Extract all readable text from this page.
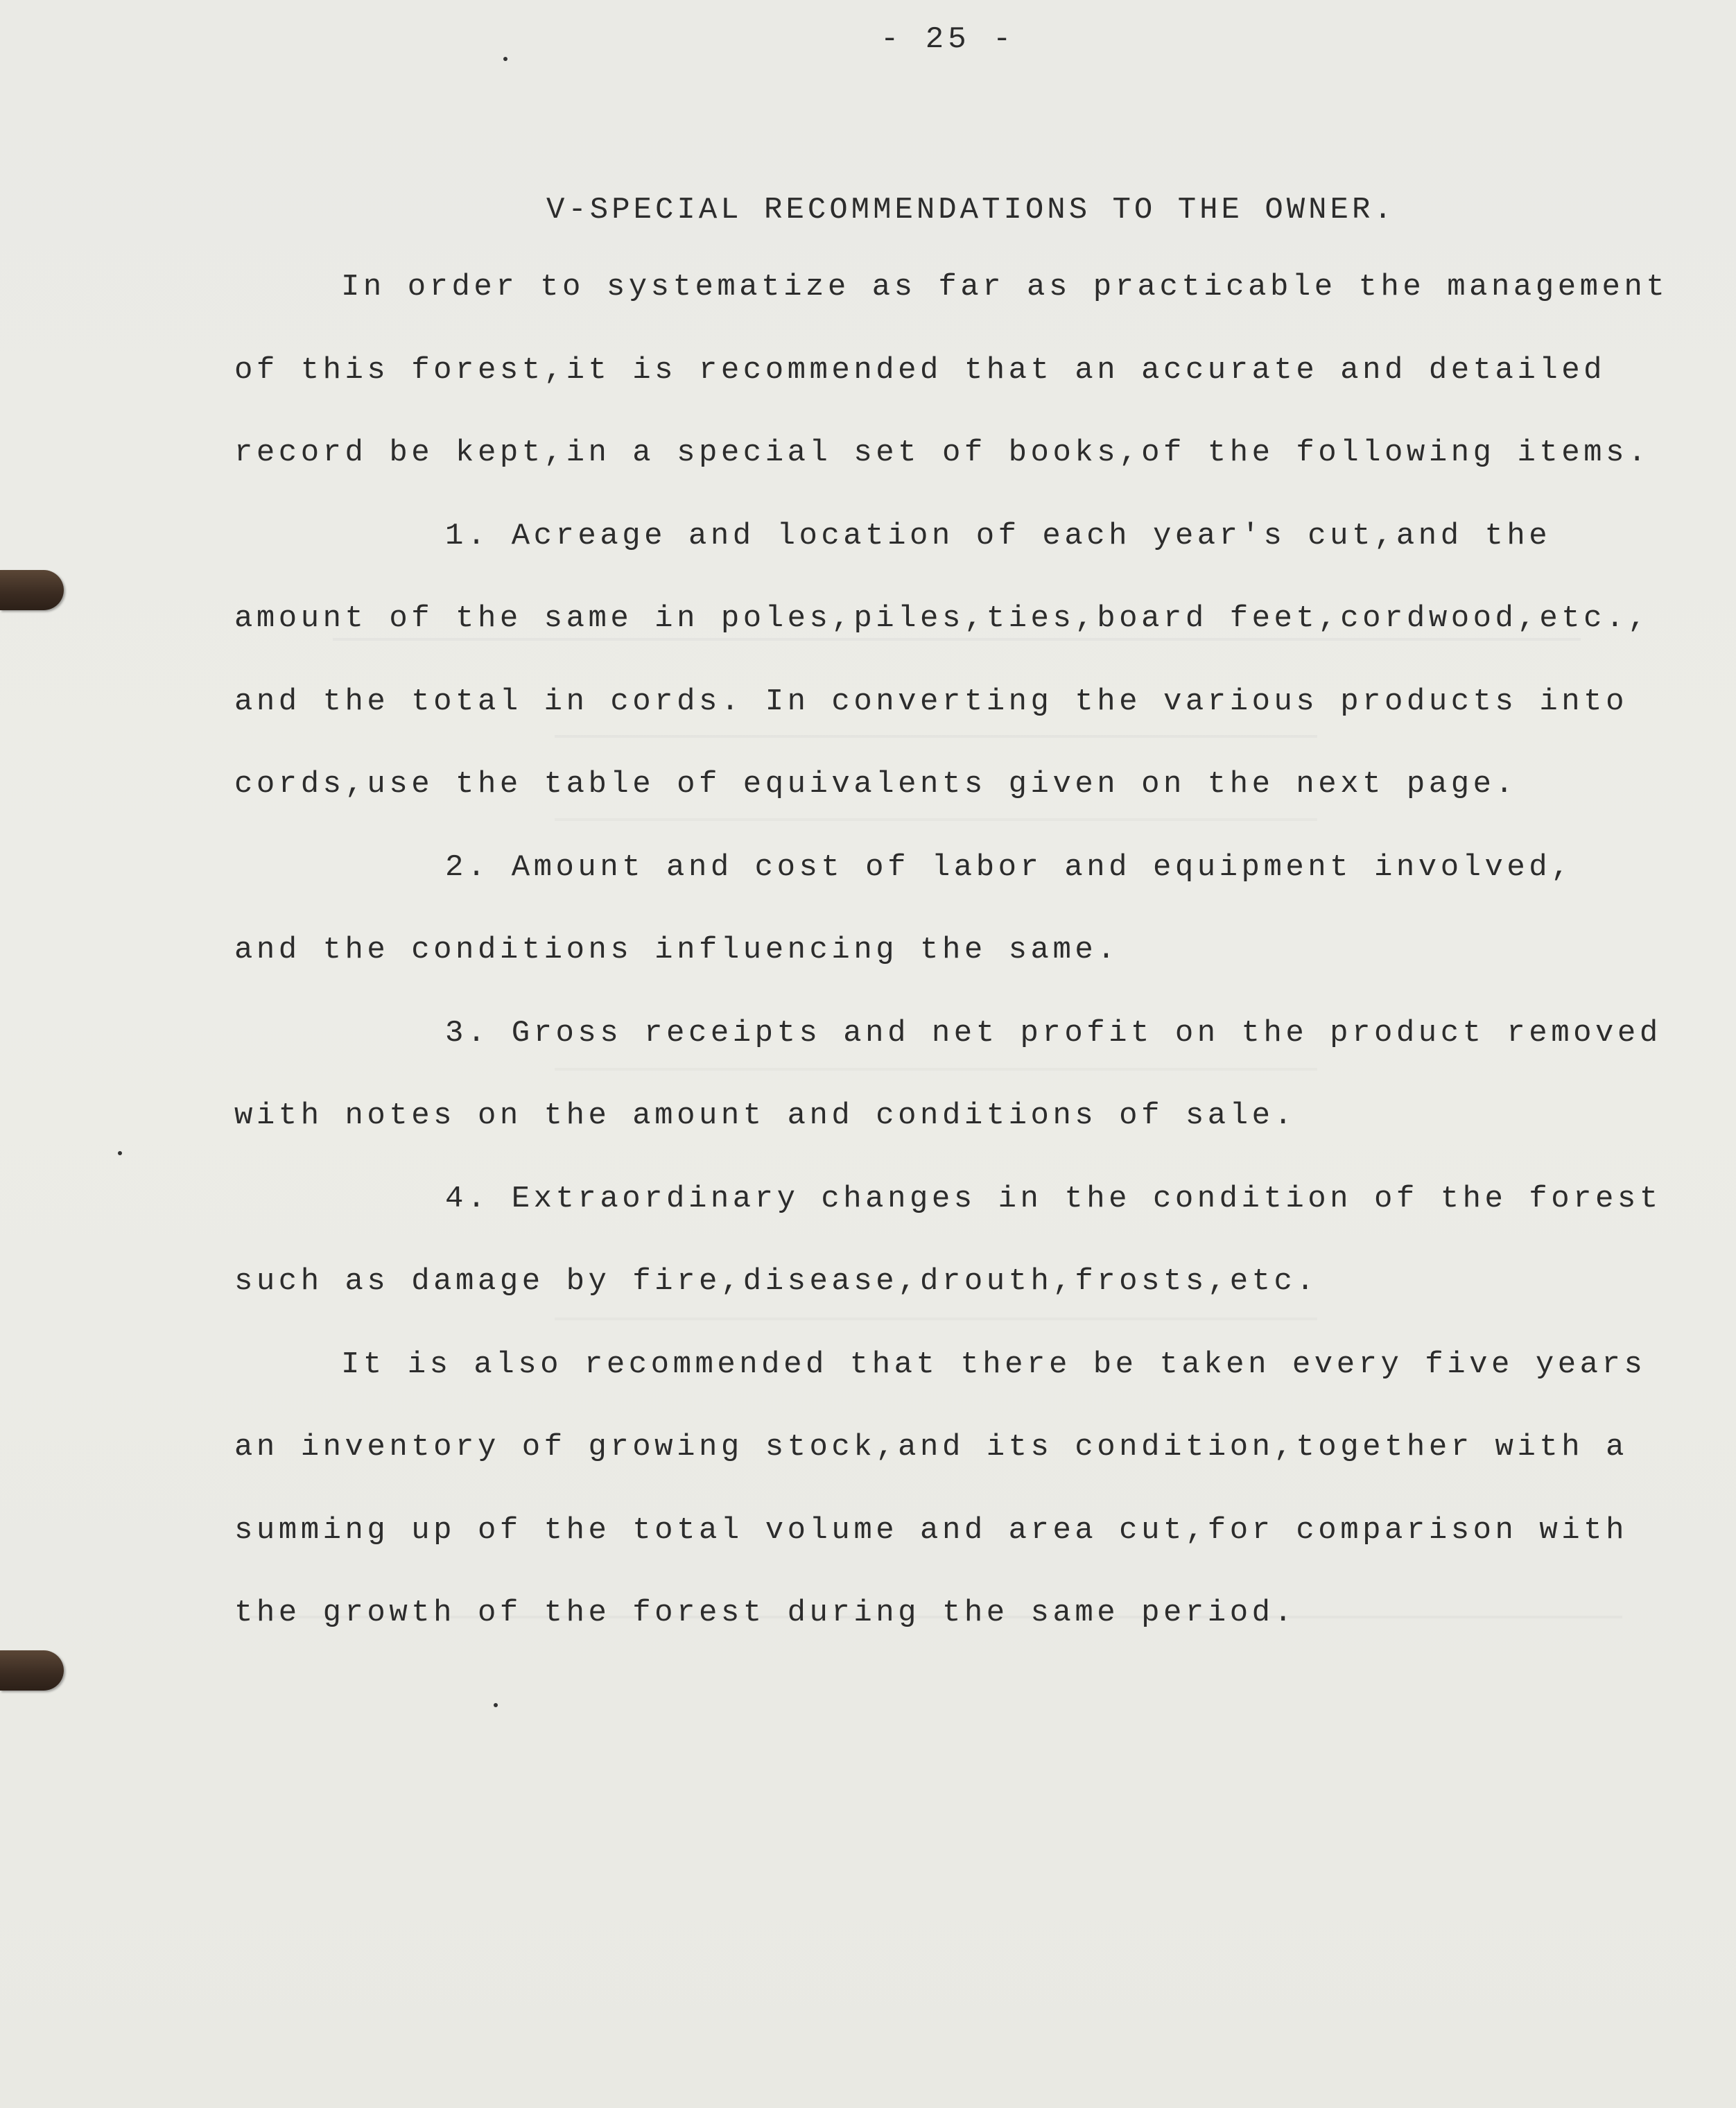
- 25 -
V-SPECIAL RECOMMENDATIONS TO THE OWNER.
In order to systematize as far as practicable the management
of this forest,it is recommended that an accurate and detailed
record be kept,in a special set of books,of the following items.
1. Acreage and location of each year's cut,and the
amount of the same in poles,piles,ties,board feet,cordwood,etc.,
and the total in cords. In converting the various products into
cords,use the table of equivalents given on the next page.
2. Amount and cost of labor and equipment involved,
and the conditions influencing the same.
3. Gross receipts and net profit on the product removed
with notes on the amount and conditions of sale.
4. Extraordinary changes in the condition of the forest
such as damage by fire,disease,drouth,frosts,etc.
It is also recommended that there be taken every five years
an inventory of growing stock,and its condition,together with a
summing up of the total volume and area cut,for comparison with
the growth of the forest during the same period.
